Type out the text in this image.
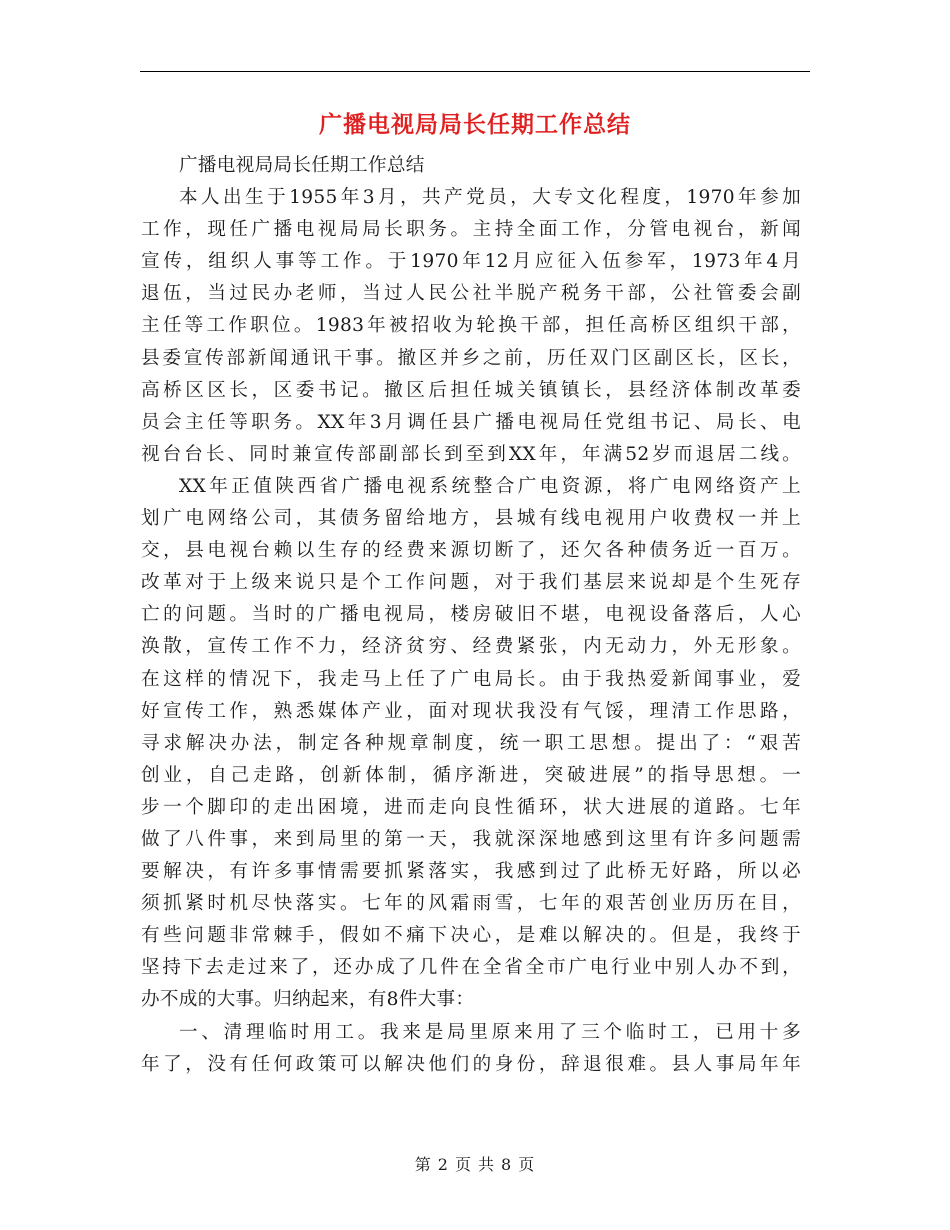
广播电视局局长任期工作总结
广播电视局局长任期工作总结
本人出生于1955年3月，共产党员，大专文化程度，1970年参加
工作，现任广播电视局局长职务。主持全面工作，分管电视台，新闻
宣传，组织人事等工作。于1970年12月应征入伍参军，1973年4月
退伍，当过民办老师，当过人民公社半脱产税务干部，公社管委会副
主任等工作职位。1983年被招收为轮换干部，担任高桥区组织干部，
县委宣传部新闻通讯干事。撤区并乡之前，历任双门区副区长，区长，
高桥区区长，区委书记。撤区后担任城关镇镇长，县经济体制改革委
员会主任等职务。XX年3月调任县广播电视局任党组书记、局长、电
视台台长、同时兼宣传部副部长到至到XX年，年满52岁而退居二线。
XX年正值陕西省广播电视系统整合广电资源，将广电网络资产上
划广电网络公司，其债务留给地方，县城有线电视用户收费权一并上
交，县电视台赖以生存的经费来源切断了，还欠各种债务近一百万。
改革对于上级来说只是个工作问题，对于我们基层来说却是个生死存
亡的问题。当时的广播电视局，楼房破旧不堪，电视设备落后，人心
涣散，宣传工作不力，经济贫穷、经费紧张，内无动力，外无形象。
在这样的情况下，我走马上任了广电局长。由于我热爱新闻事业，爱
好宣传工作，熟悉媒体产业，面对现状我没有气馁，理清工作思路，
寻求解决办法，制定各种规章制度，统一职工思想。提出了：“艰苦
创业，自己走路，创新体制，循序渐进，突破进展”的指导思想。一
步一个脚印的走出困境，进而走向良性循环，状大进展的道路。七年
做了八件事，来到局里的第一天，我就深深地感到这里有许多问题需
要解决，有许多事情需要抓紧落实，我感到过了此桥无好路，所以必
须抓紧时机尽快落实。七年的风霜雨雪，七年的艰苦创业历历在目，
有些问题非常棘手，假如不痛下决心，是难以解决的。但是，我终于
坚持下去走过来了，还办成了几件在全省全市广电行业中别人办不到，
办不成的大事。归纳起来，有8件大事：
一、清理临时用工。我来是局里原来用了三个临时工，已用十多
年了，没有任何政策可以解决他们的身份，辞退很难。县人事局年年
第 2 页 共 8 页
